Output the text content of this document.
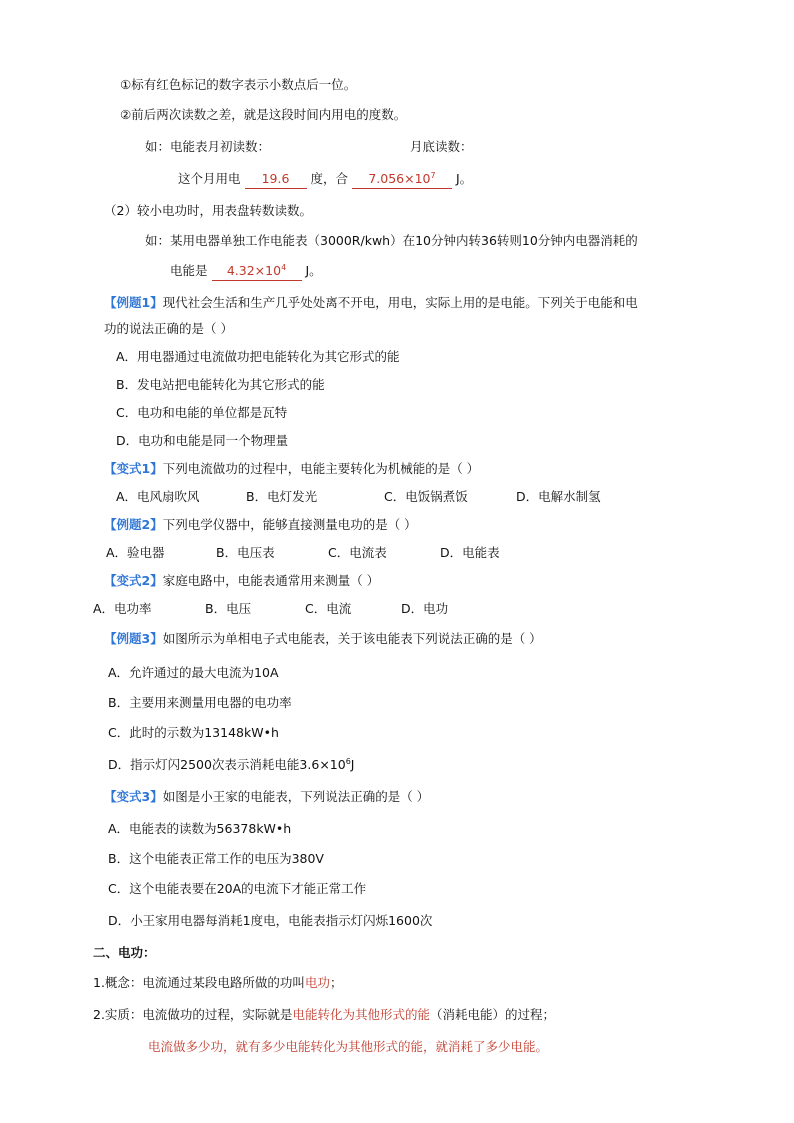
①标有红色标记的数字表示小数点后一位。
②前后两次读数之差，就是这段时间内用电的度数。
如：电能表月初读数：	月底读数：
这个月用电 19.6 度，合 $7.056\times 10^7$ J。
（2）较小电功时，用表盘转数读数。
如：某用电器单独工作电能表（3000R/kwh）在10分钟内转36转则10分钟内电器消耗的
电能是 $4.32\times 10^4$ J。
【例题1】现代社会生活和生产几乎处处离不开电，用电，实际上用的是电能。下列关于电能和电
功的说法正确的是（ ）
A．用电器通过电流做功把电能转化为其它形式的能
B．发电站把电能转化为其它形式的能
C．电功和电能的单位都是瓦特
D．电功和电能是同一个物理量
【变式1】下列电流做功的过程中，电能主要转化为机械能的是（ ）
A．电风扇吹风	B．电灯发光	C．电饭锅煮饭	D．电解水制氢
【例题2】下列电学仪器中，能够直接测量电功的是（ ）
A．验电器	B．电压表	C．电流表	D．电能表
【变式2】家庭电路中，电能表通常用来测量（ ）
A．电功率	B．电压	C．电流	D．电功
【例题3】如图所示为单相电子式电能表，关于该电能表下列说法正确的是（ ）
A．允许通过的最大电流为10A
B．主要用来测量用电器的电功率
C．此时的示数为13148kW•h
D．指示灯闪2500次表示消耗电能$3.6\times 10^6J$
【变式3】如图是小王家的电能表，下列说法正确的是（ ）
A．电能表的读数为56378kW•h
B．这个电能表正常工作的电压为380V
C．这个电能表要在20A的电流下才能正常工作
D．小王家用电器每消耗1度电，电能表指示灯闪烁1600次
二、电功：
1.概念：电流通过某段电路所做的功叫电功；
2.实质：电流做功的过程，实际就是电能转化为其他形式的能（消耗电能）的过程；
电流做多少功，就有多少电能转化为其他形式的能，就消耗了多少电能。
